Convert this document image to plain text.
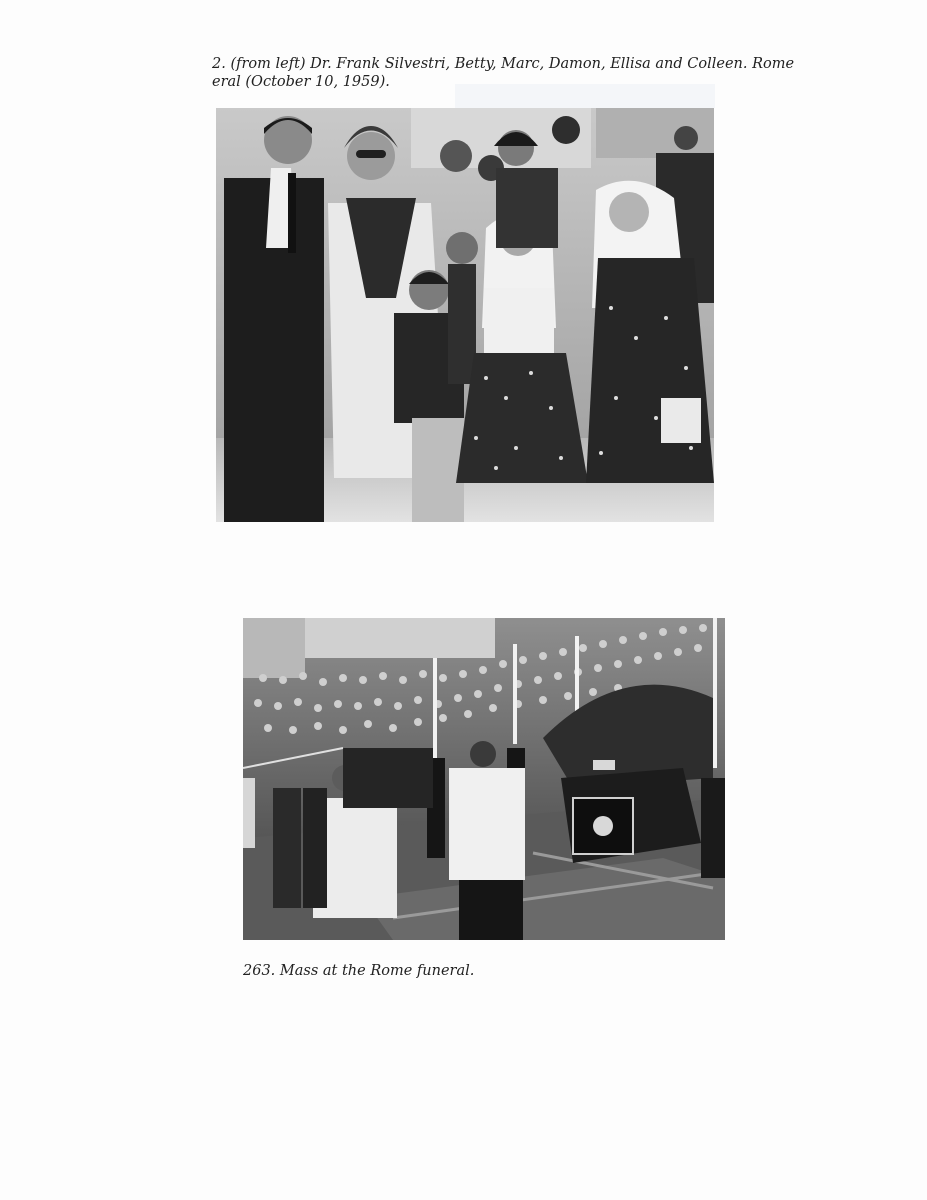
2. (from left) Dr. Frank Silvestri, Betty, Marc, Damon, Ellisa and Colleen. Rome
eral (October 10, 1959).
263. Mass at the Rome funeral.
